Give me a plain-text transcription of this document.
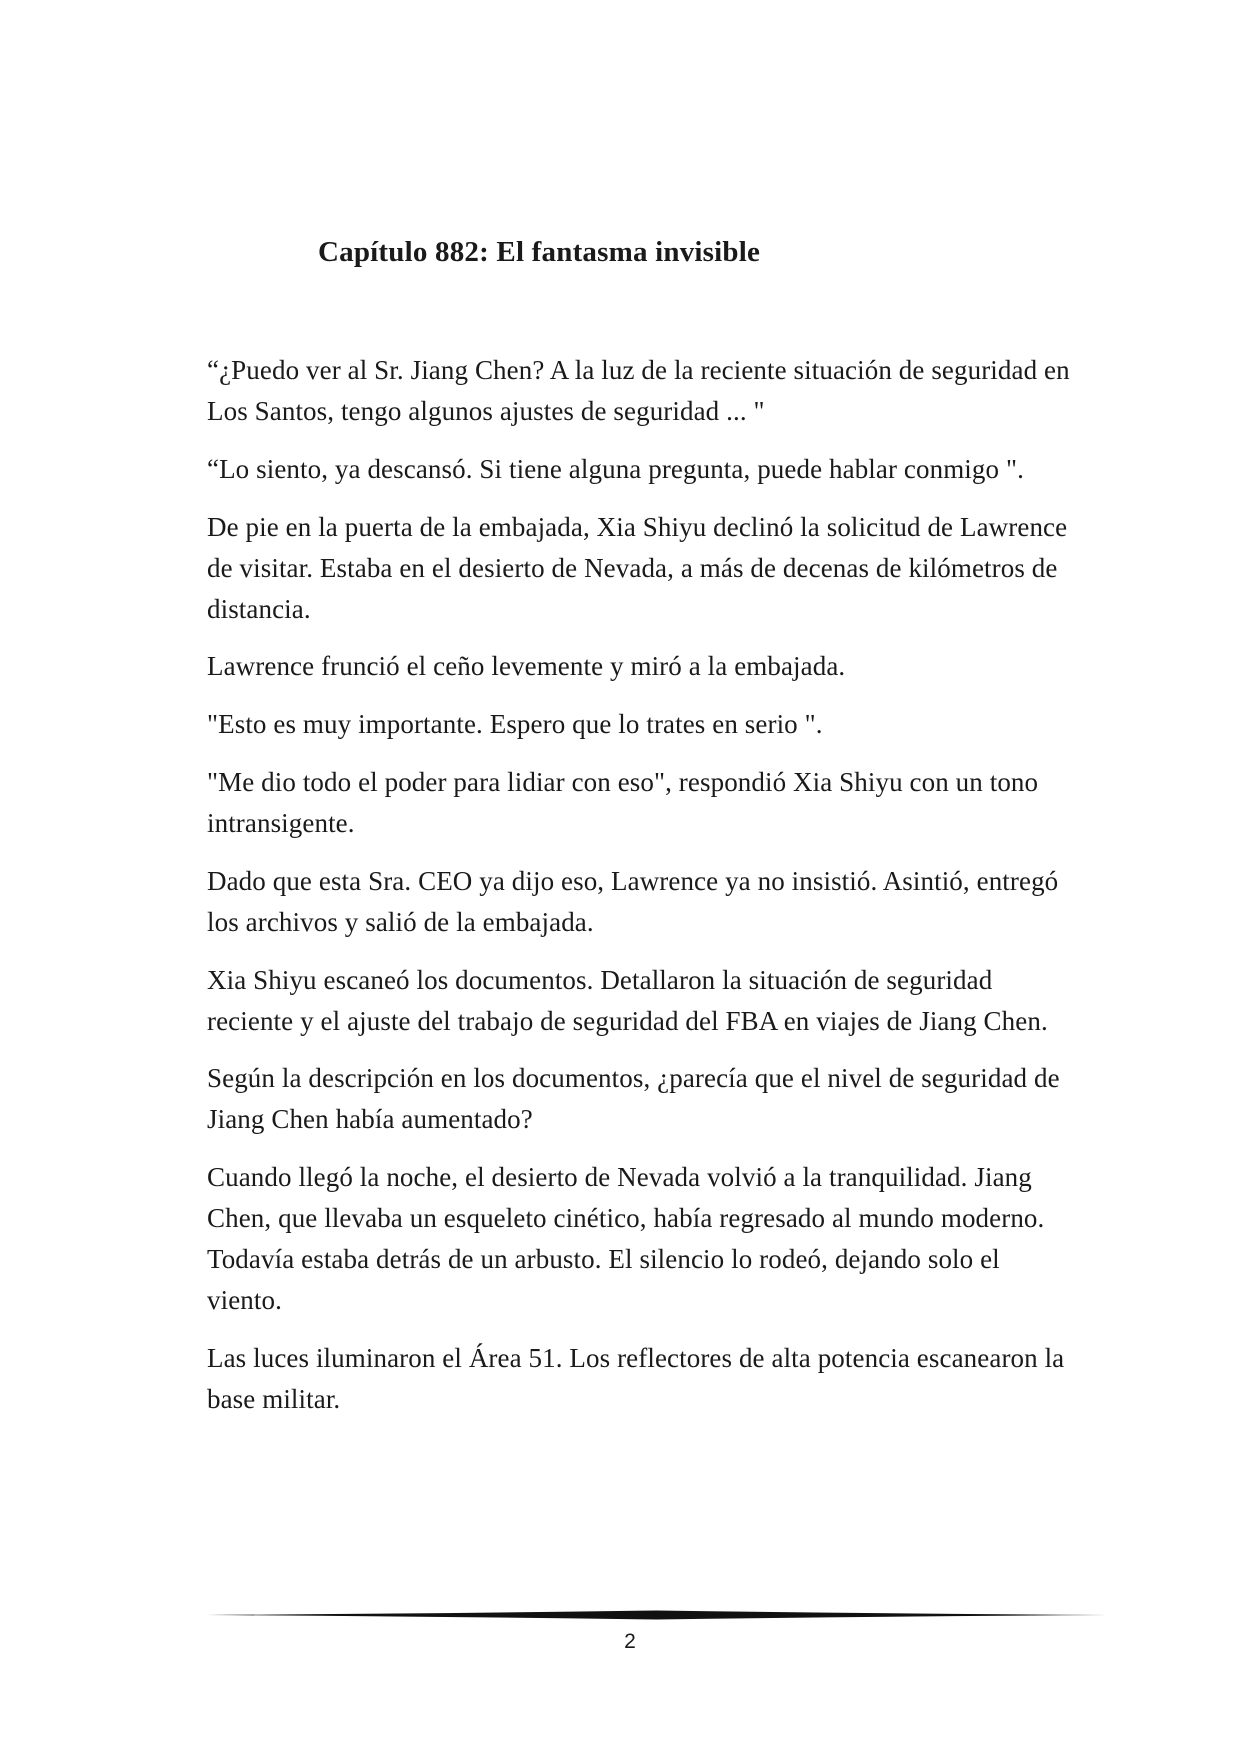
Capítulo 882: El fantasma invisible

“¿Puedo ver al Sr. Jiang Chen? A la luz de la reciente situación de seguridad en Los Santos, tengo algunos ajustes de seguridad ... "

“Lo siento, ya descansó. Si tiene alguna pregunta, puede hablar conmigo ".

De pie en la puerta de la embajada, Xia Shiyu declinó la solicitud de Lawrence de visitar. Estaba en el desierto de Nevada, a más de decenas de kilómetros de distancia.

Lawrence frunció el ceño levemente y miró a la embajada.

"Esto es muy importante. Espero que lo trates en serio ".

"Me dio todo el poder para lidiar con eso", respondió Xia Shiyu con un tono intransigente.

Dado que esta Sra. CEO ya dijo eso, Lawrence ya no insistió. Asintió, entregó los archivos y salió de la embajada.

Xia Shiyu escaneó los documentos. Detallaron la situación de seguridad reciente y el ajuste del trabajo de seguridad del FBA en viajes de Jiang Chen.

Según la descripción en los documentos, ¿parecía que el nivel de seguridad de Jiang Chen había aumentado?

Cuando llegó la noche, el desierto de Nevada volvió a la tranquilidad. Jiang Chen, que llevaba un esqueleto cinético, había regresado al mundo moderno. Todavía estaba detrás de un arbusto. El silencio lo rodeó, dejando solo el viento.

Las luces iluminaron el Área 51. Los reflectores de alta potencia escanearon la base militar.

2
